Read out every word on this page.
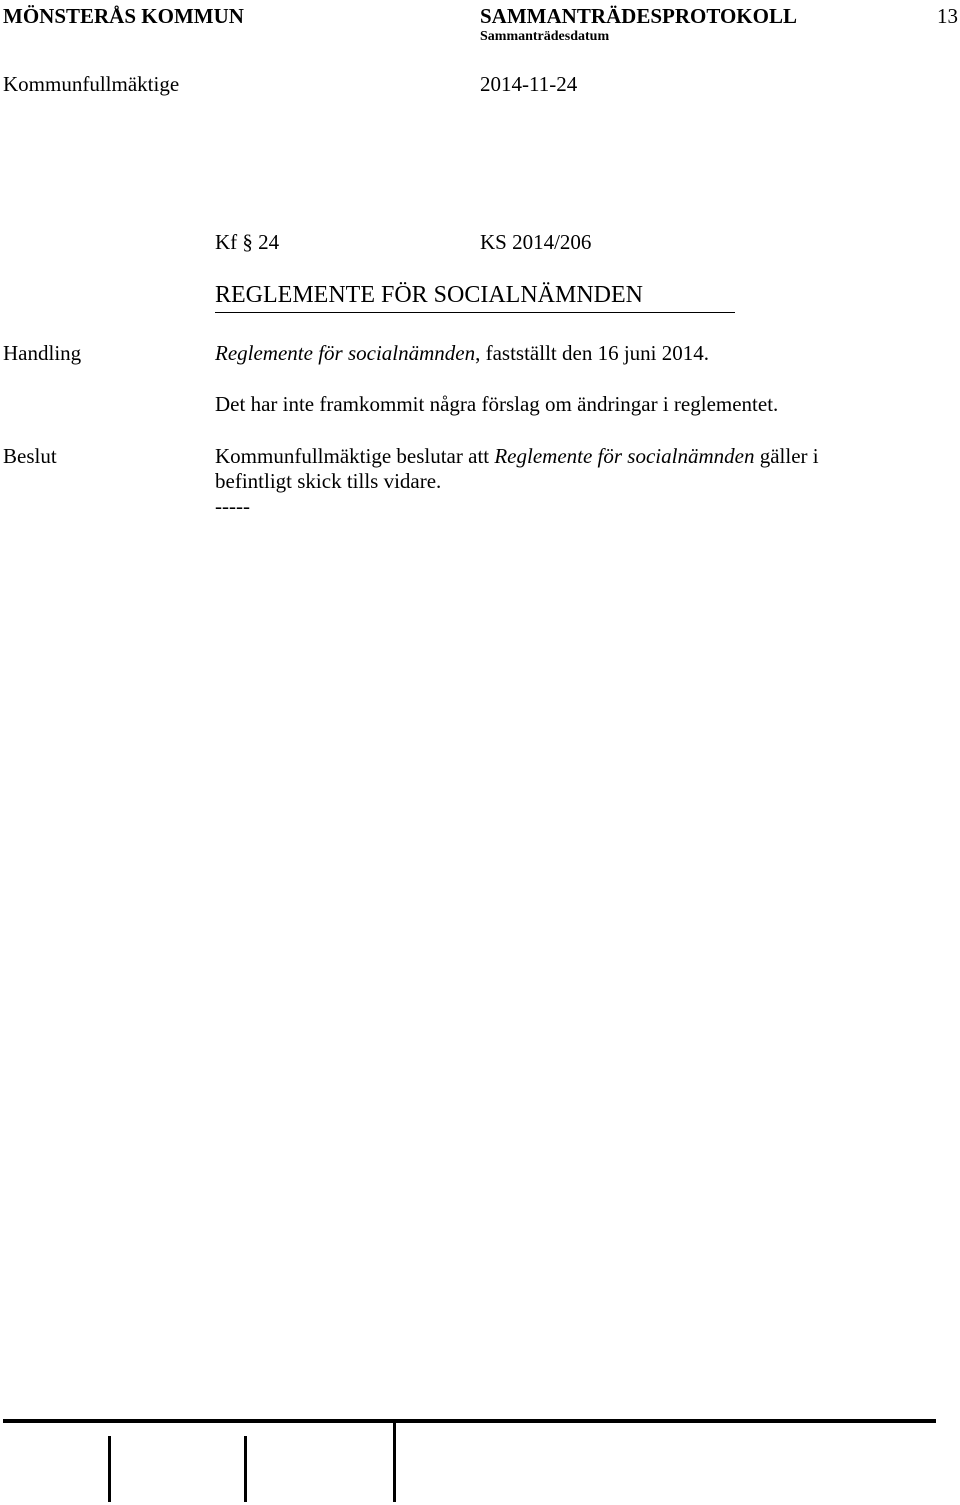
MÖNSTERÅS KOMMUN	SAMMANTRÄDESPROTOKOLL	13
Sammanträdesdatum
Kommunfullmäktige	2014-11-24
Kf § 24	KS 2014/206
REGLEMENTE FÖR SOCIALNÄMNDEN
Handling	Reglemente för socialnämnden, fastställt den 16 juni 2014.
Det har inte framkommit några förslag om ändringar i reglementet.
Beslut	Kommunfullmäktige beslutar att Reglemente för socialnämnden gäller i
befintligt skick tills vidare.
-----
